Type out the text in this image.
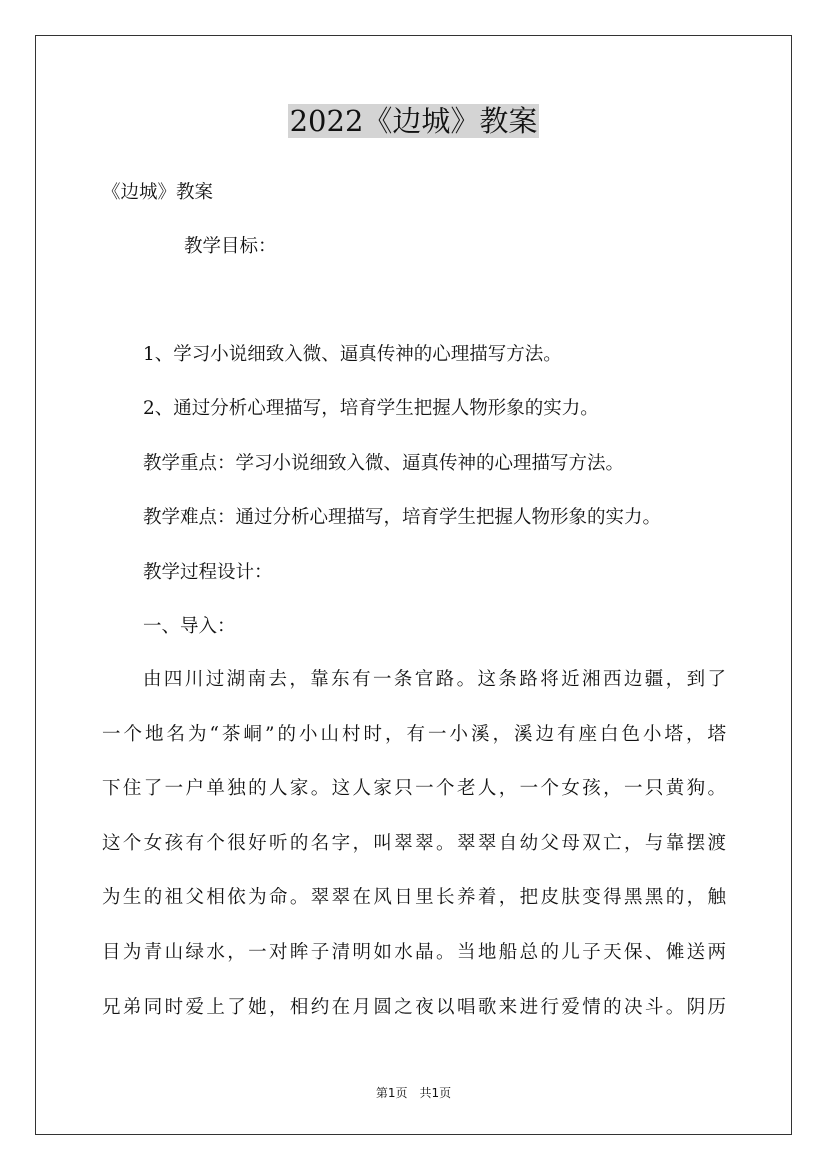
2022《边城》教案
《边城》教案
教学目标：
1、学习小说细致入微、逼真传神的心理描写方法。
2、通过分析心理描写，培育学生把握人物形象的实力。
教学重点：学习小说细致入微、逼真传神的心理描写方法。
教学难点：通过分析心理描写，培育学生把握人物形象的实力。
教学过程设计：
一、导入：
由四川过湖南去，靠东有一条官路。这条路将近湘西边疆，到了
一个地名为“茶峒”的小山村时，有一小溪，溪边有座白色小塔，塔
下住了一户单独的人家。这人家只一个老人，一个女孩，一只黄狗。
这个女孩有个很好听的名字，叫翠翠。翠翠自幼父母双亡，与靠摆渡
为生的祖父相依为命。翠翠在风日里长养着，把皮肤变得黑黑的，触
目为青山绿水，一对眸子清明如水晶。当地船总的儿子天保、傩送两
兄弟同时爱上了她，相约在月圆之夜以唱歌来进行爱情的决斗。阴历
第1页　共1页
